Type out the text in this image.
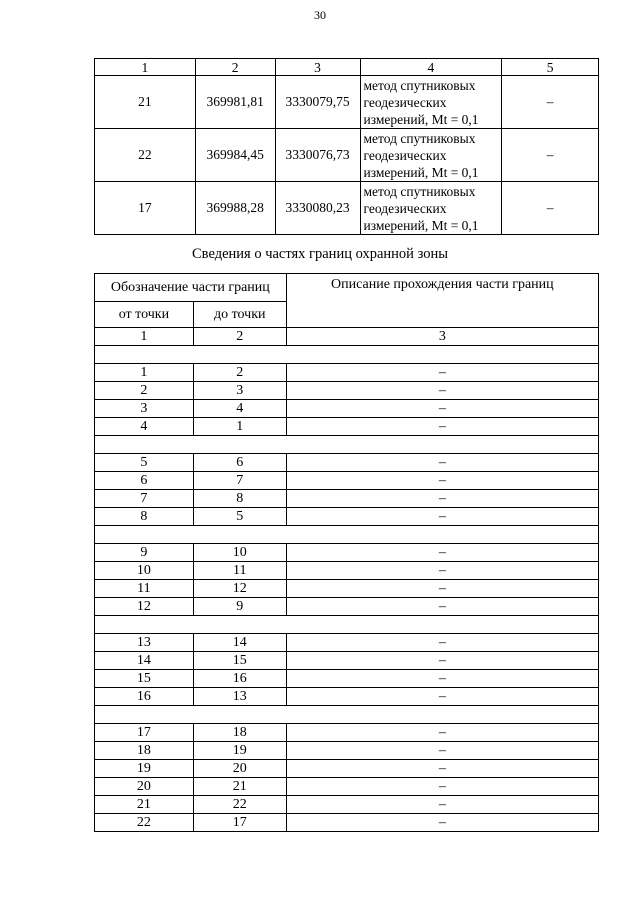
30
1	2	3	4	5
21	369981,81	3330079,75	метод спутниковых
геодезических
измерений, Mt = 0,1	–
22	369984,45	3330076,73	метод спутниковых
геодезических
измерений, Mt = 0,1	–
17	369988,28	3330080,23	метод спутниковых
геодезических
измерений, Mt = 0,1	–
Сведения о частях границ охранной зоны
Обозначение части границ		Описание прохождения части границ
от точки	до точки	
1	2	3

1	2	–
2	3	–
3	4	–
4	1	–

5	6	–
6	7	–
7	8	–
8	5	–

9	10	–
10	11	–
11	12	–
12	9	–

13	14	–
14	15	–
15	16	–
16	13	–

17	18	–
18	19	–
19	20	–
20	21	–
21	22	–
22	17	–
